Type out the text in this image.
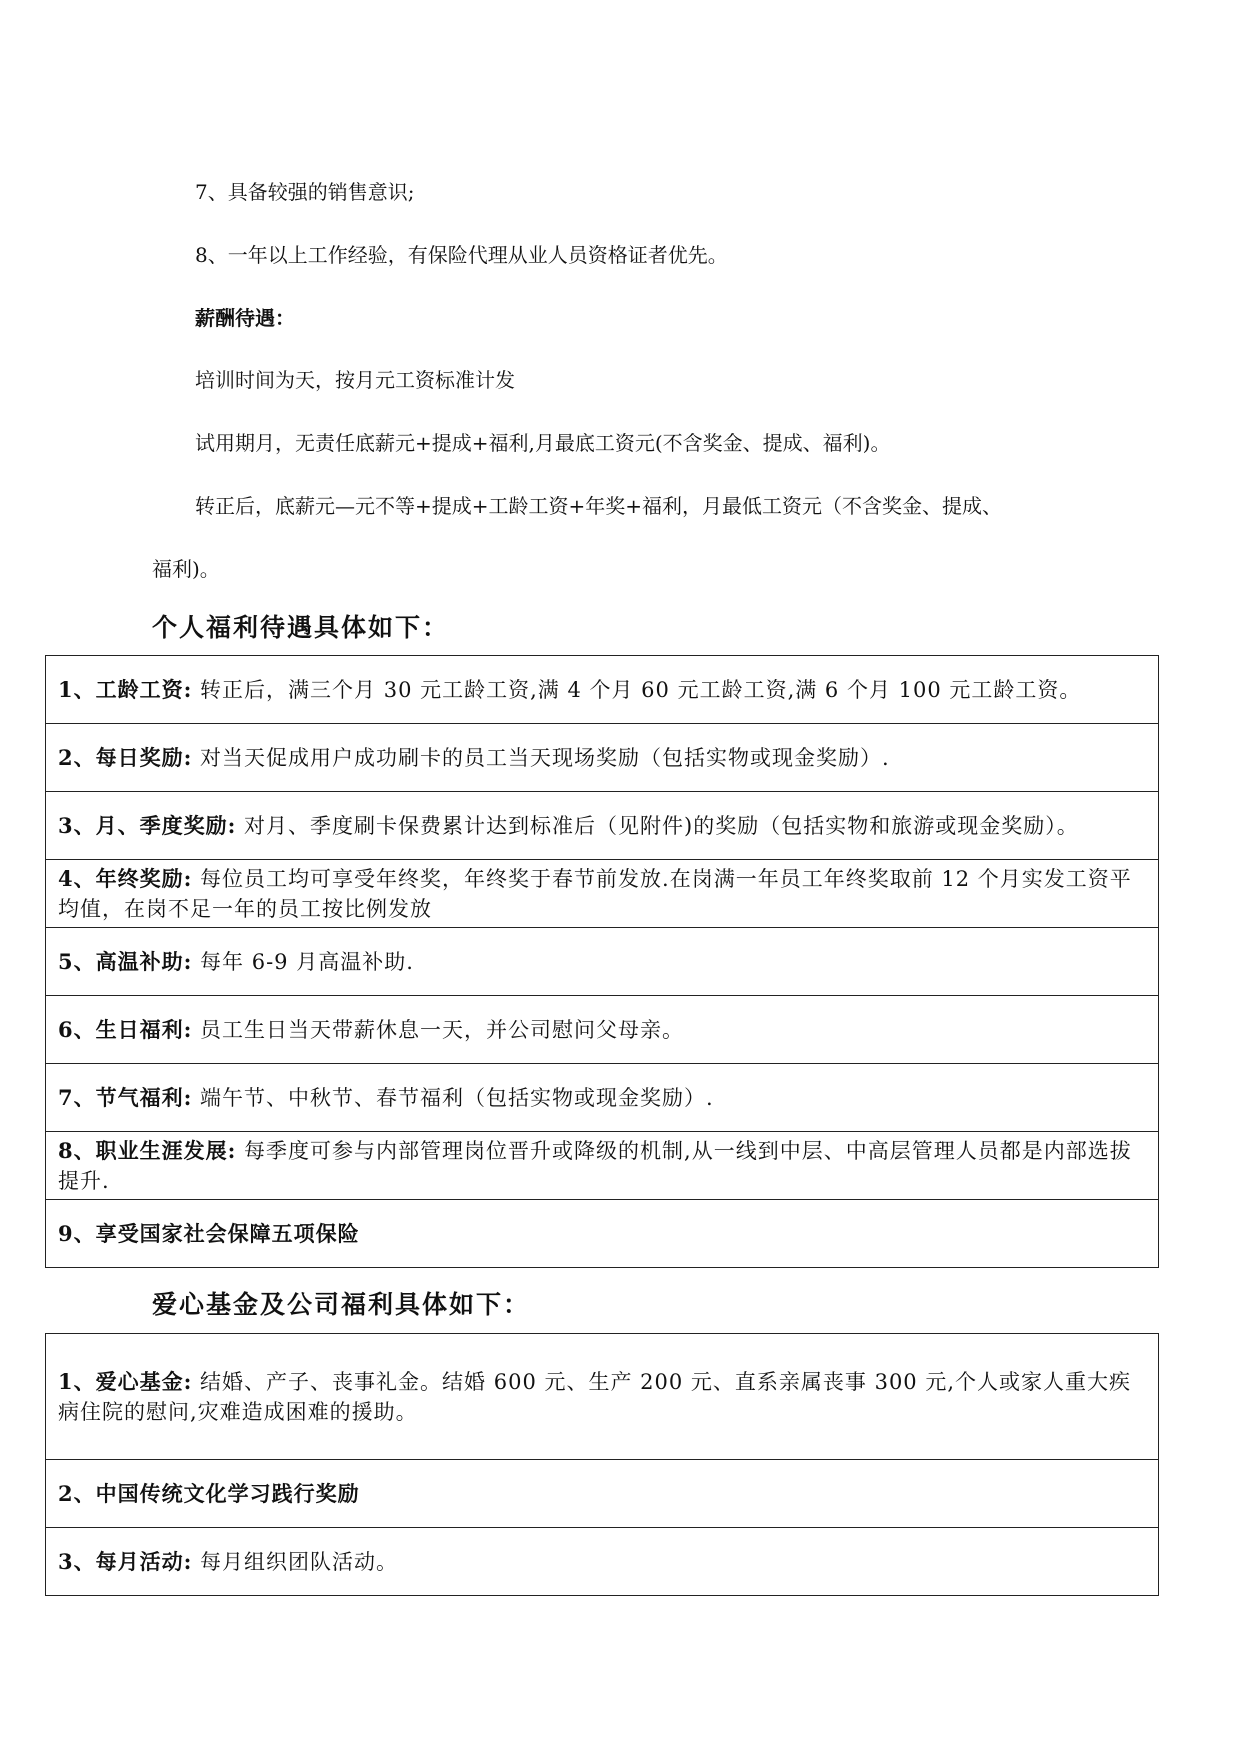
7、具备较强的销售意识;
8、一年以上工作经验，有保险代理从业人员资格证者优先。
薪酬待遇：
培训时间为天，按月元工资标准计发
试用期月，无责任底薪元+提成+福利,月最底工资元(不含奖金、提成、福利)。
转正后，底薪元—元不等+提成+工龄工资+年奖+福利，月最低工资元（不含奖金、提成、
福利)。
个人福利待遇具体如下：
1、工龄工资: 转正后，满三个月 30 元工龄工资,满 4 个月 60 元工龄工资,满 6 个月 100 元工龄工资。
2、每日奖励: 对当天促成用户成功刷卡的员工当天现场奖励（包括实物或现金奖励）.
3、月、季度奖励: 对月、季度刷卡保费累计达到标准后（见附件)的奖励（包括实物和旅游或现金奖励）。
4、年终奖励: 每位员工均可享受年终奖，年终奖于春节前发放.在岗满一年员工年终奖取前 12 个月实发工资平均值，在岗不足一年的员工按比例发放
5、高温补助: 每年 6-9 月高温补助.
6、生日福利: 员工生日当天带薪休息一天，并公司慰问父母亲。
7、节气福利: 端午节、中秋节、春节福利（包括实物或现金奖励）.
8、职业生涯发展: 每季度可参与内部管理岗位晋升或降级的机制,从一线到中层、中高层管理人员都是内部选拔提升.
9、享受国家社会保障五项保险
爱心基金及公司福利具体如下：
1、爱心基金: 结婚、产子、丧事礼金。结婚 600 元、生产 200 元、直系亲属丧事 300 元,个人或家人重大疾病住院的慰问,灾难造成困难的援助。
2、中国传统文化学习践行奖励
3、每月活动: 每月组织团队活动。
